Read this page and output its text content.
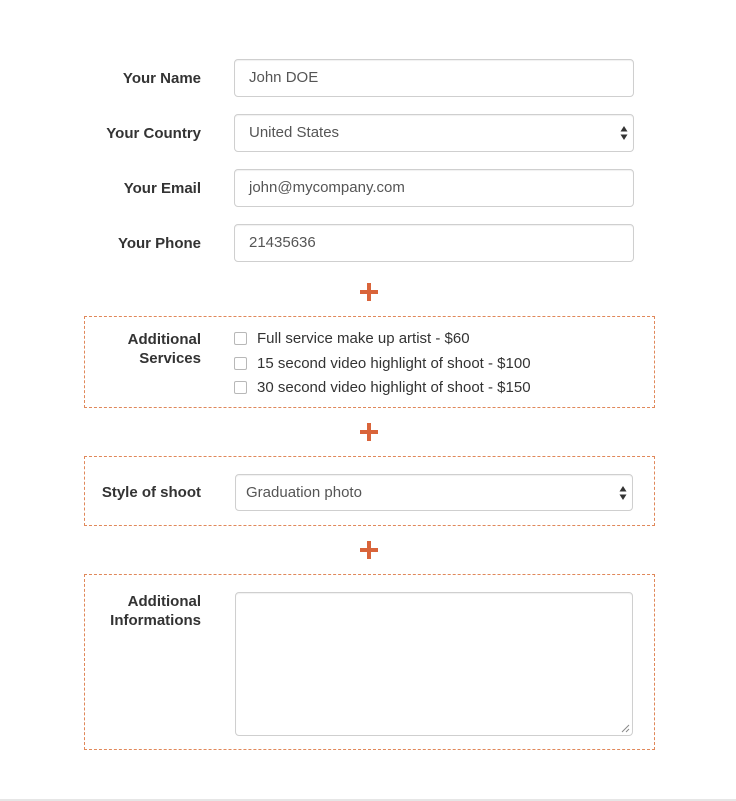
Your Name	John DOE
Your Country	United States
Your Email	john@mycompany.com
Your Phone	21435636
Additional
Services
Full service make up artist - $60
15 second video highlight of shoot - $100
30 second video highlight of shoot - $150
Style of shoot	Graduation photo
Additional
Informations
